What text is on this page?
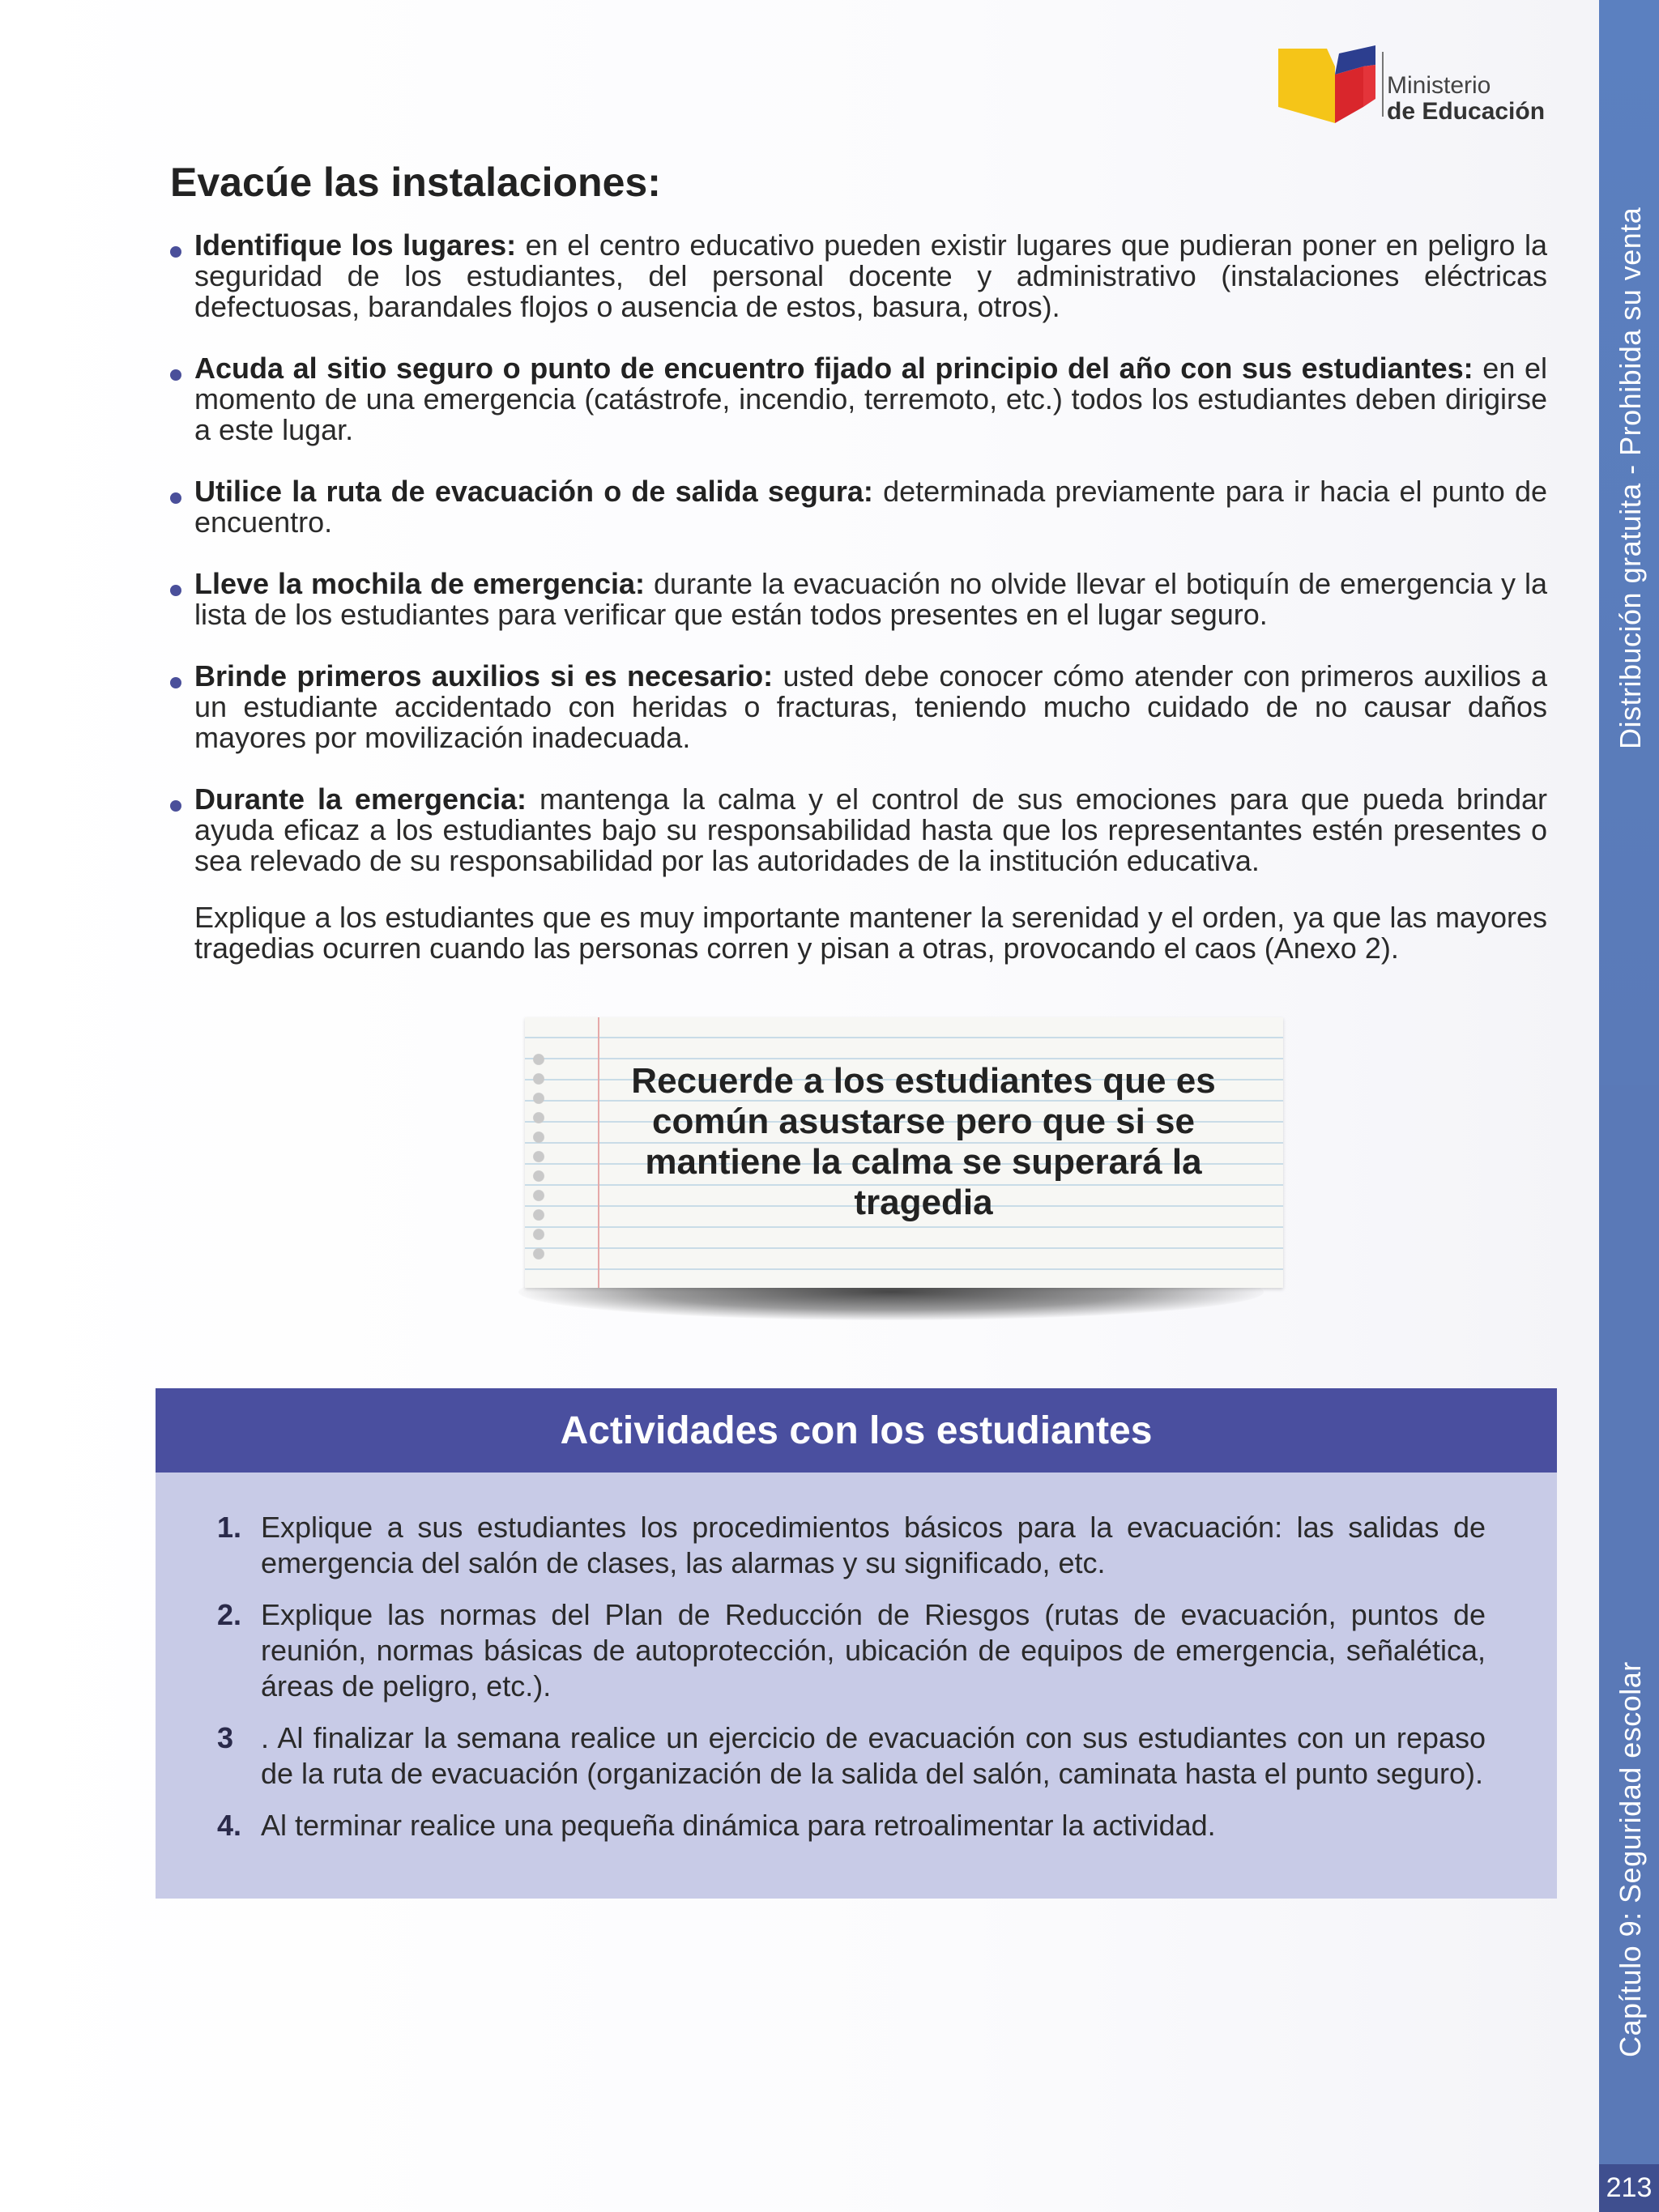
Distribución gratuita - Prohibida su venta
Capítulo 9: Seguridad escolar
213
Ministerio
de Educación
Evacúe las instalaciones:
Identifique los lugares: en el centro educativo pueden existir lugares que pudieran poner en peligro la seguridad de los estudiantes, del personal docente y administrativo (instalaciones eléctricas defectuosas, barandales flojos o ausencia de estos, basura, otros).
Acuda al sitio seguro o punto de encuentro fijado al principio del año con sus estudiantes: en el momento de una emergencia (catástrofe, incendio, terremoto, etc.) todos los estudiantes deben dirigirse a este lugar.
Utilice la ruta de evacuación o de salida segura: determinada previamente para ir hacia el punto de encuentro.
Lleve la mochila de emergencia: durante la evacuación no olvide llevar el botiquín de emergencia y la lista de los estudiantes para verificar que están todos presentes en el lugar seguro.
Brinde primeros auxilios si es necesario: usted debe conocer cómo atender con primeros auxilios a un estudiante accidentado con heridas o fracturas, teniendo mucho cuidado de no causar daños mayores por movilización inadecuada.
Durante la emergencia: mantenga la calma y el control de sus emociones para que pueda brindar ayuda eficaz a los estudiantes bajo su responsabilidad hasta que los representantes estén presentes o sea relevado de su responsabilidad por las autoridades de la institución educativa.

Explique a los estudiantes que es muy importante mantener la serenidad y el orden, ya que las mayores tragedias ocurren cuando las personas corren y pisan a otras, provocando el caos (Anexo 2).

Recuerde a los estudiantes que es común asustarse pero que si se mantiene la calma se superará la tragedia
Actividades con los estudiantes
1. Explique a sus estudiantes los procedimientos básicos para la evacuación: las salidas de emergencia del salón de clases, las alarmas y su significado, etc.
2. Explique las normas del Plan de Reducción de Riesgos (rutas de evacuación, puntos de reunión, normas básicas de autoprotección, ubicación de equipos de emergencia, señalética, áreas de peligro, etc.).
3 . Al finalizar la semana realice un ejercicio de evacuación con sus estudiantes con un repaso de la ruta de evacuación (organización de la salida del salón, caminata hasta el punto seguro).
4. Al terminar realice una pequeña dinámica para retroalimentar la actividad.
